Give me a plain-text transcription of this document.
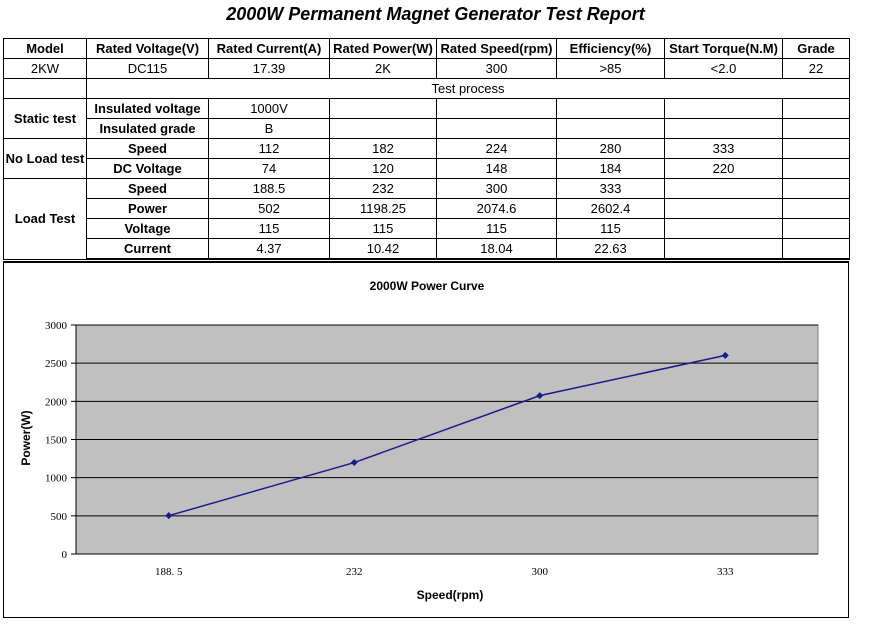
2000W Permanent Magnet Generator Test Report
Model	Rated Voltage(V)	Rated Current(A)	Rated Power(W)	Rated Speed(rpm)	Efficiency(%)	Start Torque(N.M)	Grade
2KW	DC115	17.39	2K	300	>85	<2.0	22
	Test process						
Static test	Insulated voltage	1000V					
	Insulated grade	B					
No Load test	Speed	112	182	224	280	333	
	DC Voltage	74	120	148	184	220	
Load Test	Speed	188.5	232	300	333		
	Power	502	1198.25	2074.6	2602.4		
	Voltage	115	115	115	115		
	Current	4.37	10.42	18.04	22.63		
2000W Power Curve
0
500
1000
1500
2000
2500
3000
188. 5	232	300	333
Speed(rpm)
Power(W)
